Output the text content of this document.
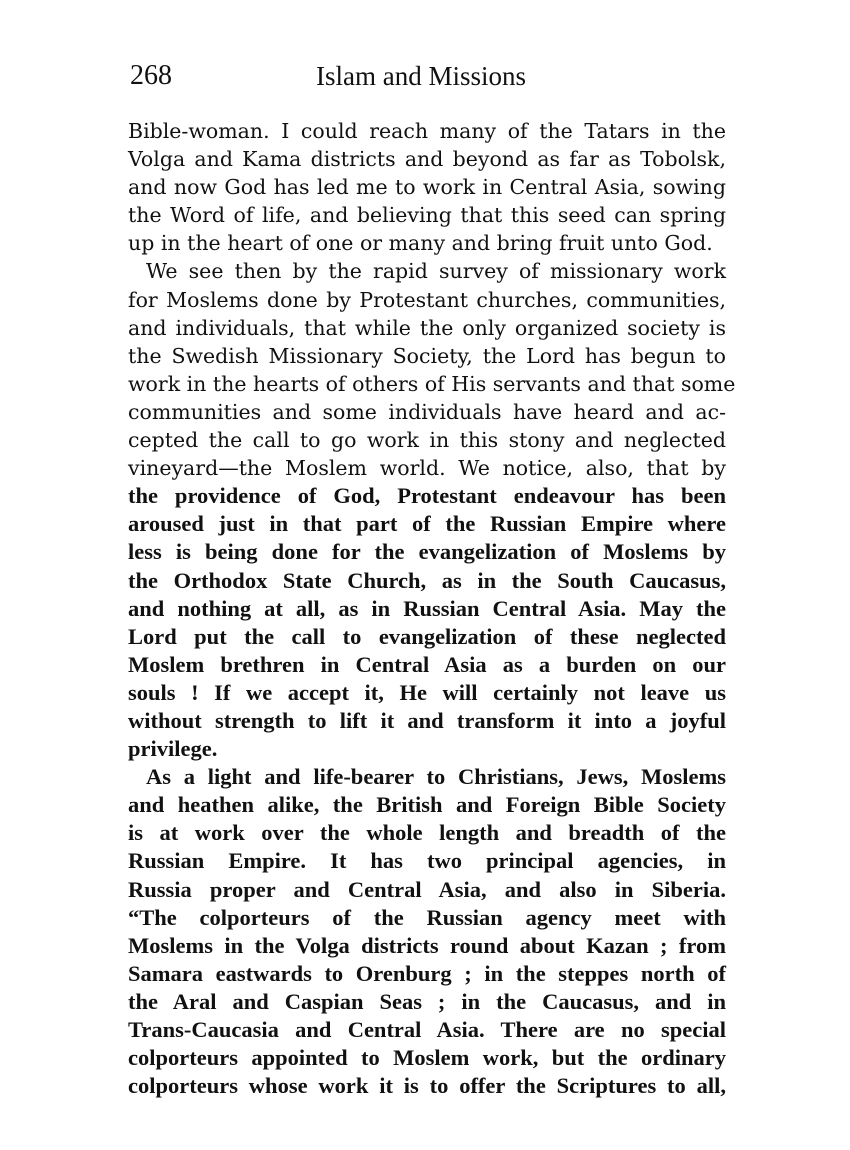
268	Islam and Missions
Bible-woman. I could reach many of the Tatars in the
Volga and Kama districts and beyond as far as Tobolsk,
and now God has led me to work in Central Asia, sowing
the Word of life, and believing that this seed can spring
up in the heart of one or many and bring fruit unto God.
We see then by the rapid survey of missionary work
for Moslems done by Protestant churches, communities,
and individuals, that while the only organized society is
the Swedish Missionary Society, the Lord has begun to
work in the hearts of others of His servants and that some
communities and some individuals have heard and ac-
cepted the call to go work in this stony and neglected
vineyard—the Moslem world. We notice, also, that by
the providence of God, Protestant endeavour has been
aroused just in that part of the Russian Empire where
less is being done for the evangelization of Moslems by
the Orthodox State Church, as in the South Caucasus,
and nothing at all, as in Russian Central Asia. May the
Lord put the call to evangelization of these neglected
Moslem brethren in Central Asia as a burden on our
souls ! If we accept it, He will certainly not leave us
without strength to lift it and transform it into a joyful
privilege.
As a light and life-bearer to Christians, Jews, Moslems
and heathen alike, the British and Foreign Bible Society
is at work over the whole length and breadth of the
Russian Empire. It has two principal agencies, in
Russia proper and Central Asia, and also in Siberia.
“The colporteurs of the Russian agency meet with
Moslems in the Volga districts round about Kazan ; from
Samara eastwards to Orenburg ; in the steppes north of
the Aral and Caspian Seas ; in the Caucasus, and in
Trans-Caucasia and Central Asia. There are no special
colporteurs appointed to Moslem work, but the ordinary
colporteurs whose work it is to offer the Scriptures to all,
